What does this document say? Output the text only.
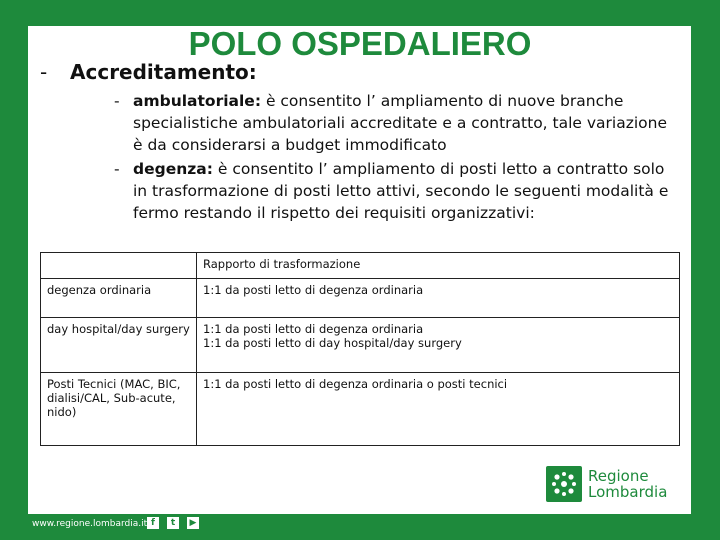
POLO OSPEDALIERO
- Accreditamento:
- ambulatoriale: è consentito l’ ampliamento di nuove branche specialistiche ambulatoriali accreditate e a contratto, tale variazione è da considerarsi a budget immodificato
- degenza: è consentito l’ ampliamento di posti letto a contratto solo in trasformazione di posti letto attivi, secondo le seguenti modalità e fermo restando il rispetto dei requisiti organizzativi:
	Rapporto di trasformazione
degenza ordinaria	1:1 da posti letto di degenza ordinaria
day hospital/day surgery	1:1 da posti letto di degenza ordinaria
1:1 da posti letto di day hospital/day surgery
Posti Tecnici (MAC, BIC, dialisi/CAL, Sub-acute, nido)	1:1 da posti letto di degenza ordinaria o posti tecnici
Regione
Lombardia
www.regione.lombardia.it f	t	▶
